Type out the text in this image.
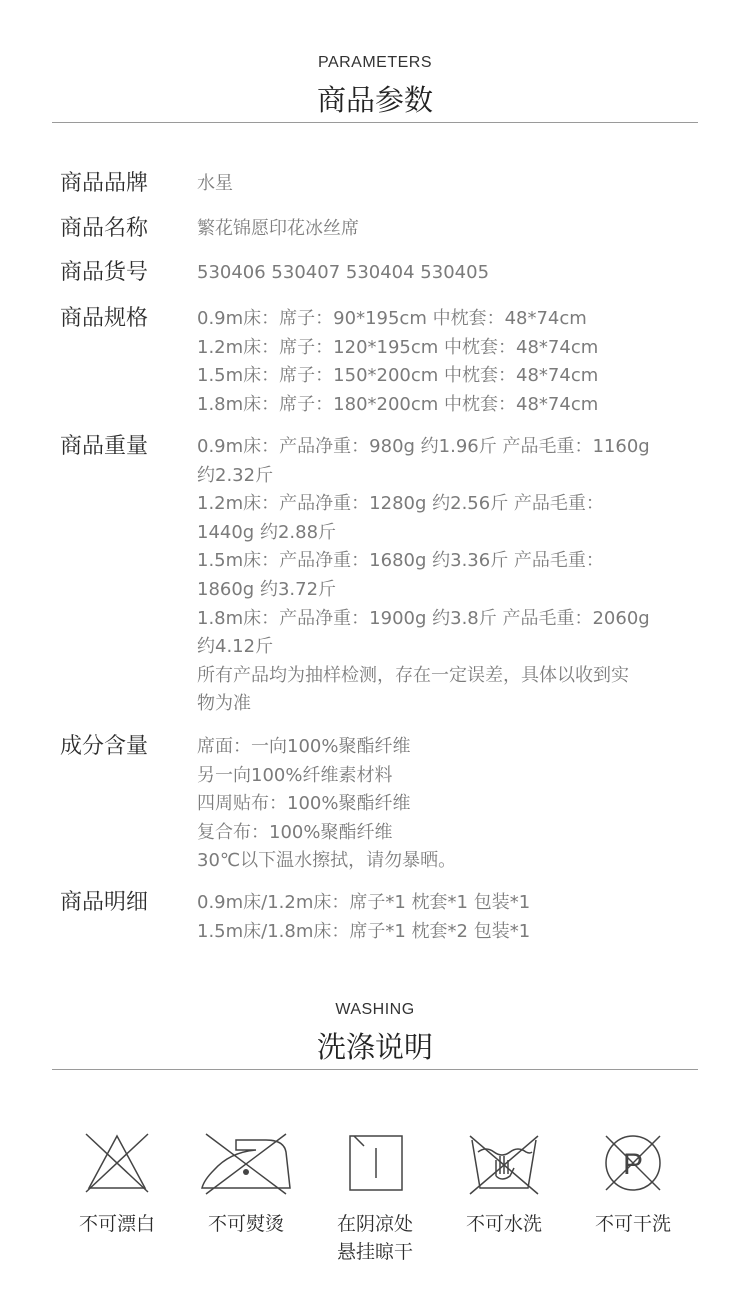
PARAMETERS
商品参数
商品品牌	水星
商品名称	繁花锦愿印花冰丝席
商品货号	530406 530407 530404 530405
商品规格	0.9m床：席子：90*195cm 中枕套：48*74cm
1.2m床：席子：120*195cm 中枕套：48*74cm
1.5m床：席子：150*200cm 中枕套：48*74cm
1.8m床：席子：180*200cm 中枕套：48*74cm
商品重量	0.9m床：产品净重：980g 约1.96斤 产品毛重：1160g
约2.32斤
1.2m床：产品净重：1280g 约2.56斤 产品毛重：
1440g 约2.88斤
1.5m床：产品净重：1680g 约3.36斤 产品毛重：
1860g 约3.72斤
1.8m床：产品净重：1900g 约3.8斤 产品毛重：2060g
约4.12斤
所有产品均为抽样检测，存在一定误差，具体以收到实
物为准
成分含量	席面：一向100%聚酯纤维
另一向100%纤维素材料
四周贴布：100%聚酯纤维
复合布：100%聚酯纤维
30℃以下温水擦拭，请勿暴晒。
商品明细	0.9m床/1.2m床：席子*1 枕套*1 包装*1
1.5m床/1.8m床：席子*1 枕套*2 包装*1
WASHING
洗涤说明
不可漂白	不可熨烫	在阴凉处
悬挂晾干
不可水洗
P
不可干洗
